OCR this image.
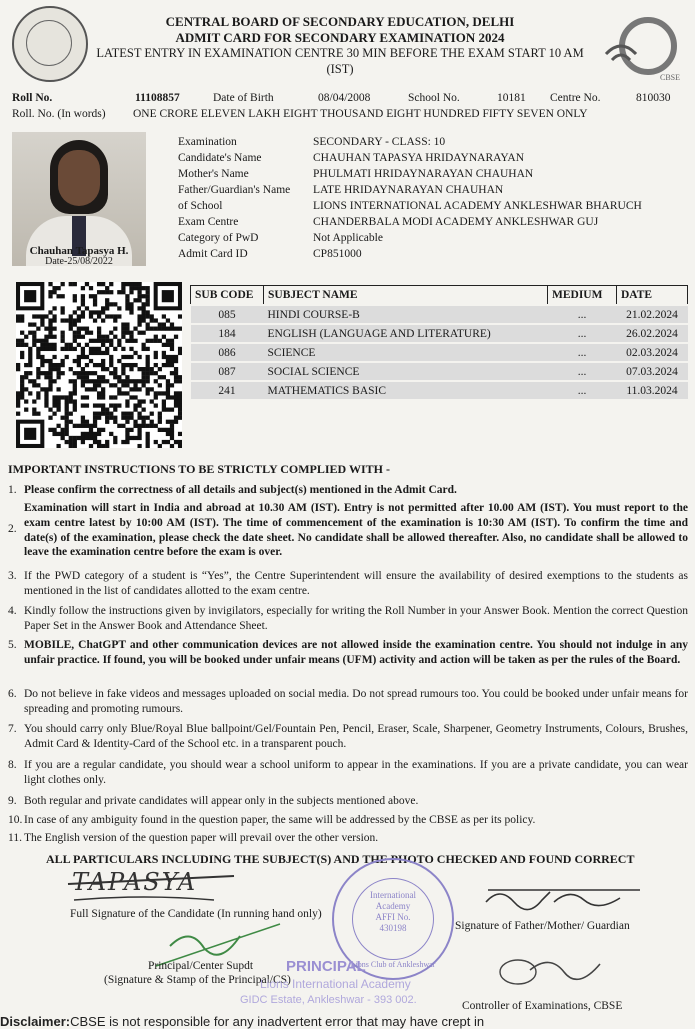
CBSE
CENTRAL BOARD OF SECONDARY EDUCATION, DELHI
ADMIT CARD FOR SECONDARY EXAMINATION 2024
LATEST ENTRY IN EXAMINATION CENTRE 30 MIN BEFORE THE EXAM START 10 AM
(IST)
Roll No.	11108857	Date of Birth	08/04/2008	School No.	10181 Centre No.	810030
Roll. No. (In words) ONE CRORE ELEVEN LAKH EIGHT THOUSAND EIGHT HUNDRED FIFTY SEVEN ONLY
Chauhan Tapasya H.
Date-25/08/2022
Examination	SECONDARY - CLASS: 10
Candidate's Name	CHAUHAN TAPASYA HRIDAYNARAYAN
Mother's Name	PHULMATI HRIDAYNARAYAN CHAUHAN
Father/Guardian's Name LATE HRIDAYNARAYAN CHAUHAN
of School	LIONS INTERNATIONAL ACADEMY ANKLESHWAR BHARUCH
Exam Centre	CHANDERBALA MODI ACADEMY ANKLESHWAR GUJ
Category of PwD	Not Applicable
Admit Card ID	CP851000
SUB CODE	SUBJECT NAME	MEDIUM	DATE
085	HINDI COURSE-B	...	21.02.2024
184	ENGLISH (LANGUAGE AND LITERATURE)	...	26.02.2024
086	SCIENCE	...	02.03.2024
087	SOCIAL SCIENCE	...	07.03.2024
241	MATHEMATICS BASIC	...	11.03.2024
IMPORTANT INSTRUCTIONS TO BE STRICTLY COMPLIED WITH -
1. Please confirm the correctness of all details and subject(s) mentioned in the Admit Card.
2.
Examination will start in India and abroad at 10.30 AM (IST). Entry is not permitted after 10.00 AM (IST). You must report to the exam centre latest by 10:00 AM (IST). The time of commencement of the examination is 10:30 AM (IST). To confirm the time and date(s) of the examination, please check the date sheet. No candidate shall be allowed thereafter. Also, no candidate shall be allowed to leave the examination centre before the exam is over.
3. If the PWD category of a student is “Yes”, the Centre Superintendent will ensure the availability of desired exemptions to the students as mentioned in the list of candidates allotted to the exam centre.
4. Kindly follow the instructions given by invigilators, especially for writing the Roll Number in your Answer Book. Mention the correct Question Paper Set in the Answer Book and Attendance Sheet.
5. MOBILE, ChatGPT and other communication devices are not allowed inside the examination centre. You should not indulge in any unfair practice. If found, you will be booked under unfair means (UFM) activity and action will be taken as per the rules of the Board.
6. Do not believe in fake videos and messages uploaded on social media. Do not spread rumours too. You could be booked under unfair means for spreading and promoting rumours.
7. You should carry only Blue/Royal Blue ballpoint/Gel/Fountain Pen, Pencil, Eraser, Scale, Sharpener, Geometry Instruments, Colours, Brushes, Admit Card & Identity-Card of the School etc. in a transparent pouch.
8. If you are a regular candidate, you should wear a school uniform to appear in the examinations. If you are a private candidate, you can wear light clothes only.
9. Both regular and private candidates will appear only in the subjects mentioned above.
10. In case of any ambiguity found in the question paper, the same will be addressed by the CBSE as per its policy.
11. The English version of the question paper will prevail over the other version.
ALL PARTICULARS INCLUDING THE SUBJECT(S) AND THE PHOTO CHECKED AND FOUND CORRECT
TAPASYA
Full Signature of the Candidate (In running hand only)
International
Academy
AFFI No.
430198
Lions Club of Ankleshwar
Signature of Father/Mother/ Guardian
Principal/Center Supdt
(Signature & Stamp of the Principal/CS)
PRINCIPAL
Lions International Academy
GIDC Estate, Ankleshwar - 393 002.	Controller of Examinations, CBSE
Disclaimer:CBSE is not responsible for any inadvertent error that may have crept in
